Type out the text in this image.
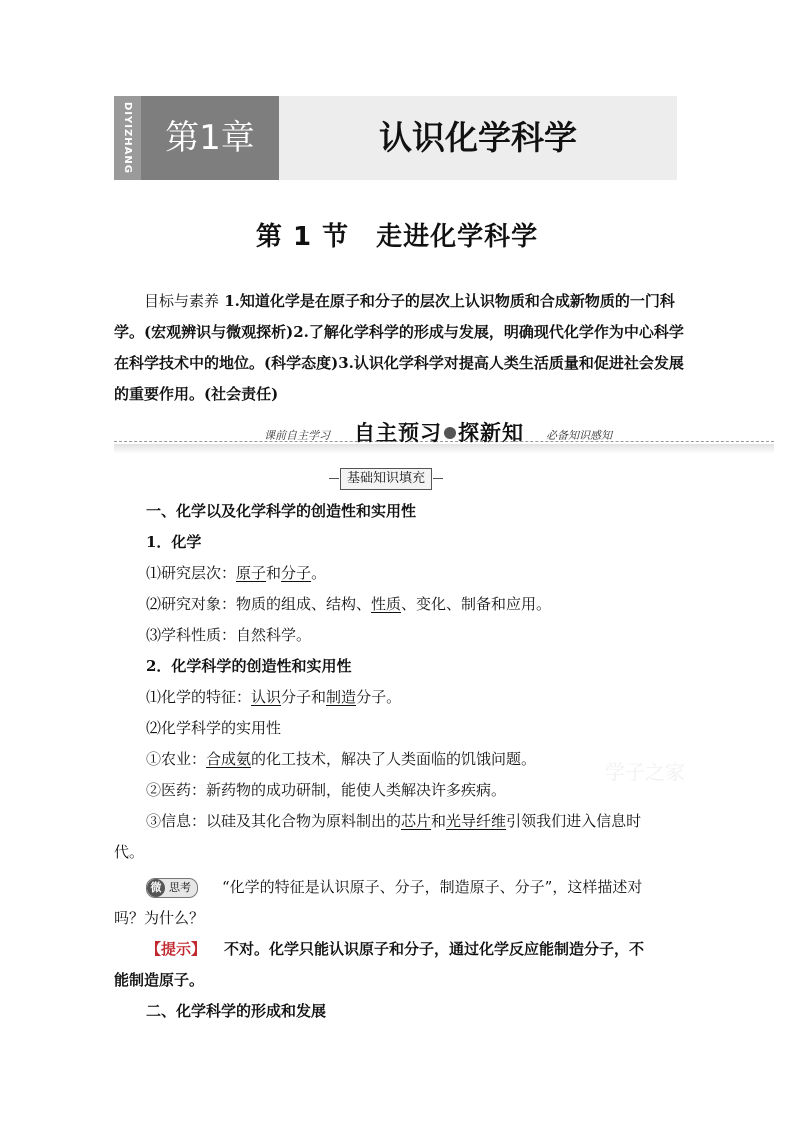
DIYIZHANG 第1章	认识化学科学
第 1 节　走进化学科学
目标与素养 1.知道化学是在原子和分子的层次上认识物质和合成新物质的一门科学。(宏观辨识与微观探析)2.了解化学科学的形成与发展，明确现代化学作为中心科学在科学技术中的地位。(科学态度)3.认识化学科学对提高人类生活质量和促进社会发展的重要作用。(社会责任)
课前自主学习 自主预习 探新知 必备知识感知
基础知识填充
学子之家
一、化学以及化学科学的创造性和实用性
1．化学
⑴研究层次：原子和分子。
⑵研究对象：物质的组成、结构、性质、变化、制备和应用。
⑶学科性质：自然科学。
2．化学科学的创造性和实用性
⑴化学的特征：认识分子和制造分子。
⑵化学科学的实用性
①农业：合成氨的化工技术，解决了人类面临的饥饿问题。
②医药：新药物的成功研制，能使人类解决许多疾病。
③信息：以硅及其化合物为原料制出的芯片和光导纤维引领我们进入信息时
代。
微 思考 “化学的特征是认识原子、分子，制造原子、分子”，这样描述对
吗？为什么？
【提示】 不对。化学只能认识原子和分子，通过化学反应能制造分子，不
能制造原子。
二、化学科学的形成和发展
